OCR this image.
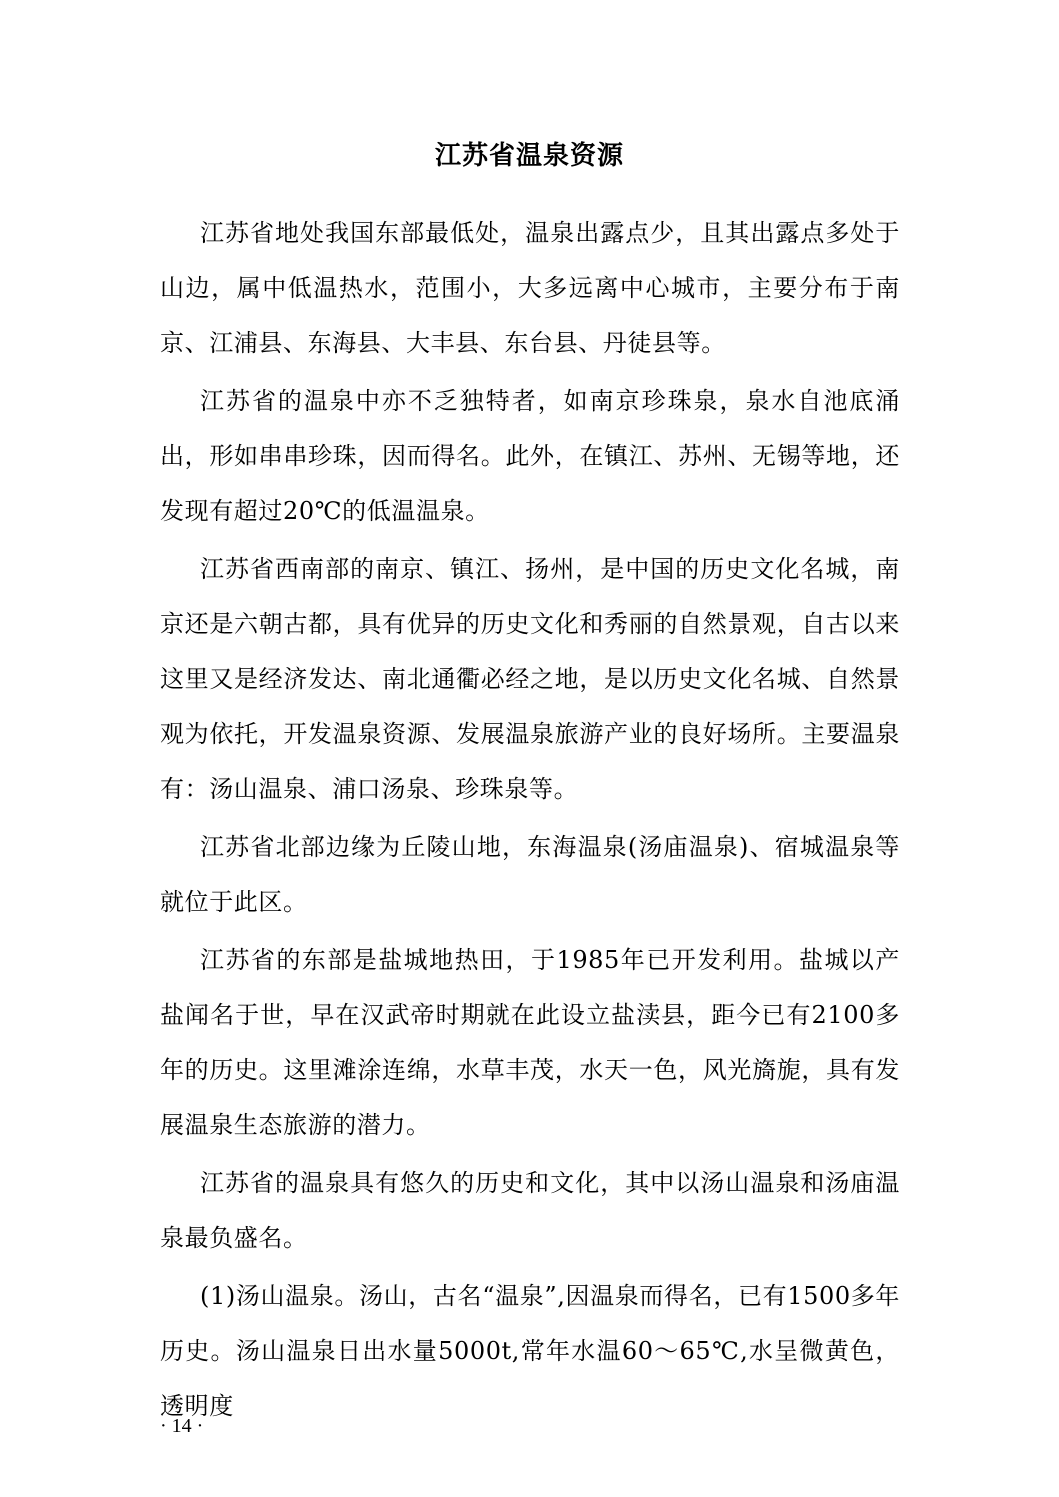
江苏省温泉资源

江苏省地处我国东部最低处，温泉出露点少，且其出露点多处于山边，属中低温热水，范围小，大多远离中心城市，主要分布于南京、江浦县、东海县、大丰县、东台县、丹徒县等。

江苏省的温泉中亦不乏独特者，如南京珍珠泉，泉水自池底涌出，形如串串珍珠，因而得名。此外，在镇江、苏州、无锡等地，还发现有超过20℃的低温温泉。

江苏省西南部的南京、镇江、扬州，是中国的历史文化名城，南京还是六朝古都，具有优异的历史文化和秀丽的自然景观，自古以来这里又是经济发达、南北通衢必经之地，是以历史文化名城、自然景观为依托，开发温泉资源、发展温泉旅游产业的良好场所。主要温泉有：汤山温泉、浦口汤泉、珍珠泉等。

江苏省北部边缘为丘陵山地，东海温泉(汤庙温泉)、宿城温泉等就位于此区。

江苏省的东部是盐城地热田，于1985年已开发利用。盐城以产盐闻名于世，早在汉武帝时期就在此设立盐渎县，距今已有2100多年的历史。这里滩涂连绵，水草丰茂，水天一色，风光旖旎，具有发展温泉生态旅游的潜力。

江苏省的温泉具有悠久的历史和文化，其中以汤山温泉和汤庙温泉最负盛名。

(1)汤山温泉。汤山，古名“温泉”,因温泉而得名，已有1500多年历史。汤山温泉日出水量5000t,常年水温60～65℃,水呈微黄色，透明度

· 14 ·
